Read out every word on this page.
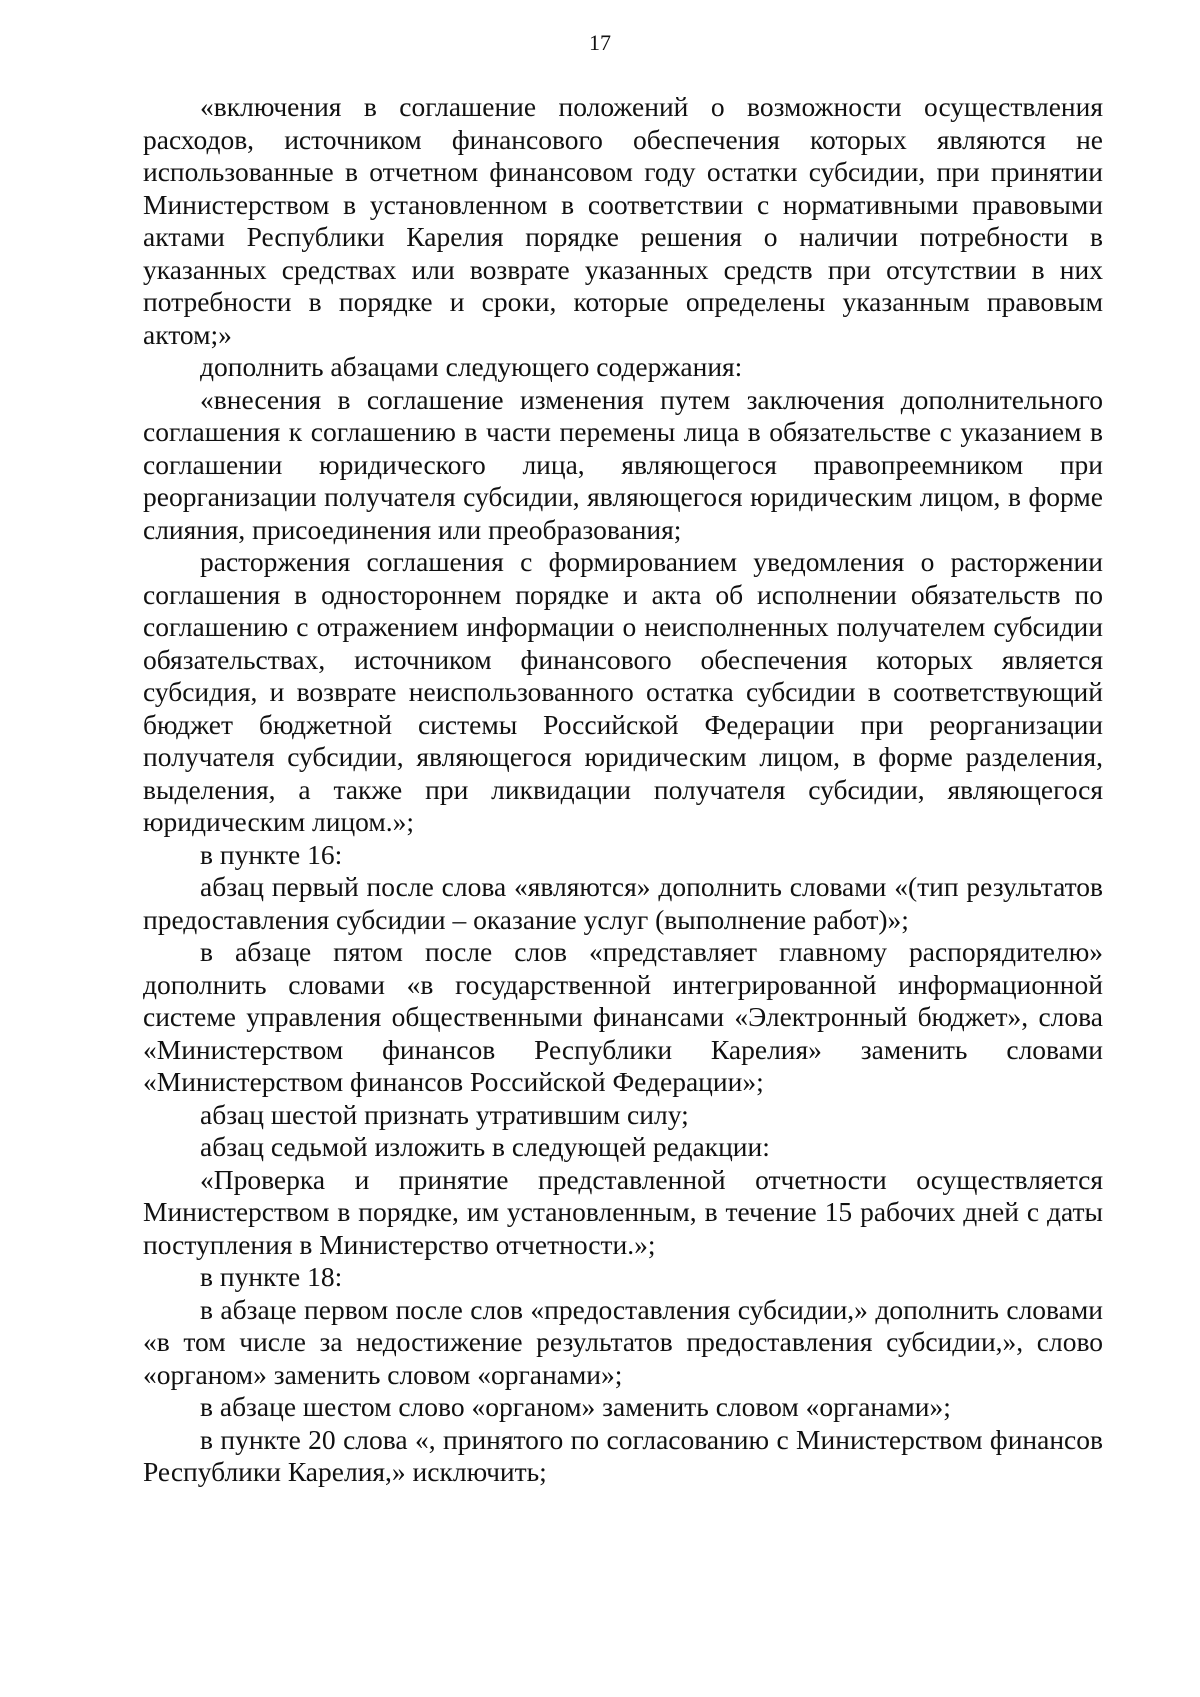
17

«включения в соглашение положений о возможности осуществления расходов, источником финансового обеспечения которых являются не использованные в отчетном финансовом году остатки субсидии, при принятии Министерством в установленном в соответствии с нормативными правовыми актами Республики Карелия порядке решения о наличии потребности в указанных средствах или возврате указанных средств при отсутствии в них потребности в порядке и сроки, которые определены указанным правовым актом;»

дополнить абзацами следующего содержания:

«внесения в соглашение изменения путем заключения дополнительного соглашения к соглашению в части перемены лица в обязательстве с указанием в соглашении юридического лица, являющегося правопреемником при реорганизации получателя субсидии, являющегося юридическим лицом, в форме слияния, присоединения или преобразования;

расторжения соглашения с формированием уведомления о расторжении соглашения в одностороннем порядке и акта об исполнении обязательств по соглашению с отражением информации о неисполненных получателем субсидии обязательствах, источником финансового обеспечения которых является субсидия, и возврате неиспользованного остатка субсидии в соответствующий бюджет бюджетной системы Российской Федерации при реорганизации получателя субсидии, являющегося юридическим лицом, в форме разделения, выделения, а также при ликвидации получателя субсидии, являющегося юридическим лицом.»;

в пункте 16:

абзац первый после слова «являются» дополнить словами «(тип результатов предоставления субсидии – оказание услуг (выполнение работ)»;

в абзаце пятом после слов «представляет главному распорядителю» дополнить словами «в государственной интегрированной информационной системе управления общественными финансами «Электронный бюджет», слова «Министерством финансов Республики Карелия» заменить словами «Министерством финансов Российской Федерации»;

абзац шестой признать утратившим силу;

абзац седьмой изложить в следующей редакции:

«Проверка и принятие представленной отчетности осуществляется Министерством в порядке, им установленным, в течение 15 рабочих дней с даты поступления в Министерство отчетности.»;

в пункте 18:

в абзаце первом после слов «предоставления субсидии,» дополнить словами «в том числе за недостижение результатов предоставления субсидии,», слово «органом» заменить словом «органами»;

в абзаце шестом слово «органом» заменить словом «органами»;

в пункте 20 слова «, принятого по согласованию с Министерством финансов Республики Карелия,» исключить;
